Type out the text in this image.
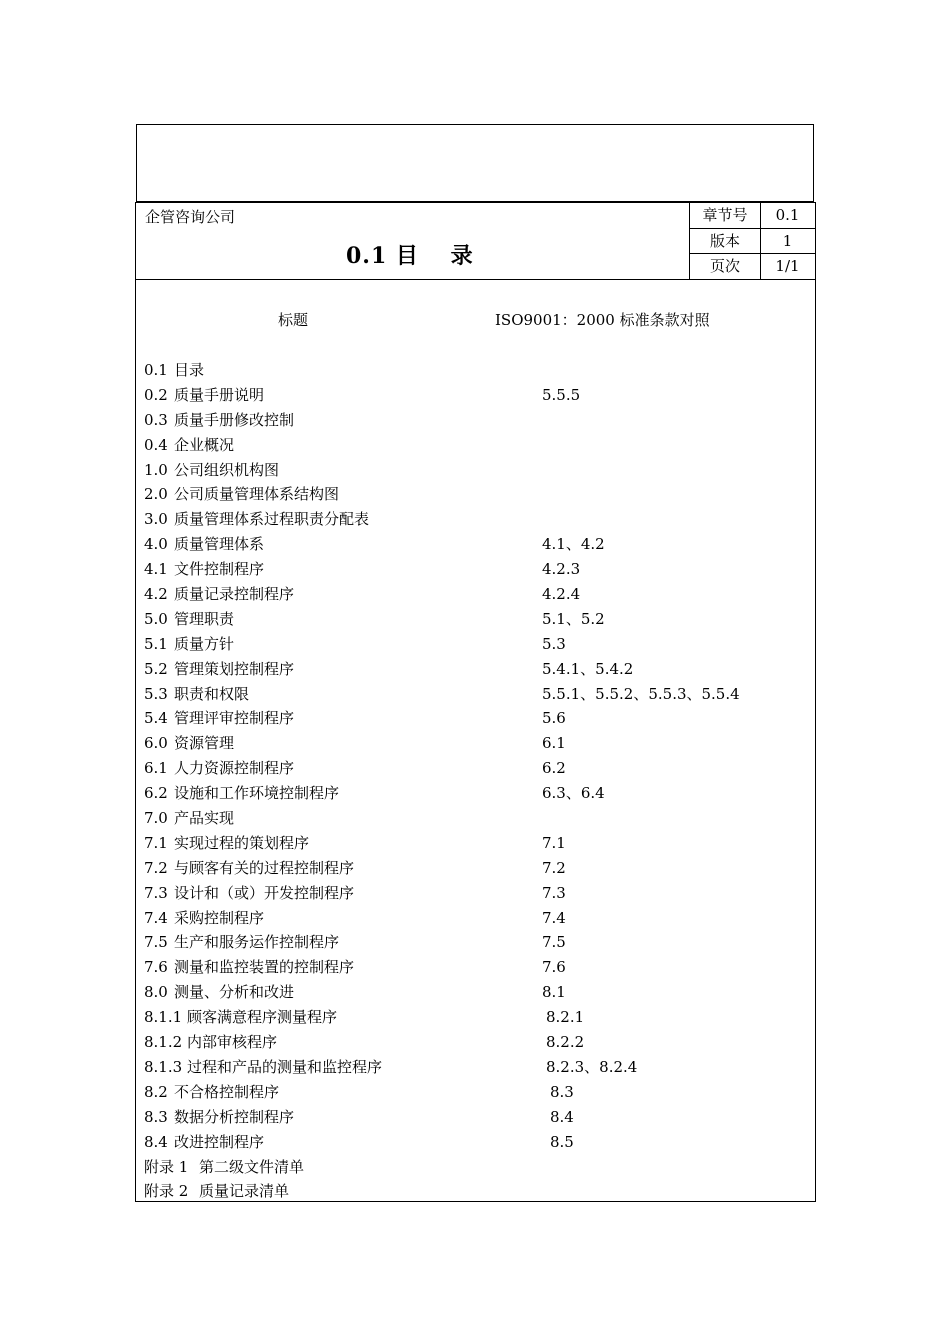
企管咨询公司
0.1 目　 录
章节号	0.1
版本	1
页次	1/1
标题	ISO9001：2000 标准条款对照
0.1 目录
0.2 质量手册说明	5.5.5
0.3 质量手册修改控制
0.4 企业概况
1.0 公司组织机构图
2.0 公司质量管理体系结构图
3.0 质量管理体系过程职责分配表
4.0 质量管理体系	4.1、4.2
4.1 文件控制程序	4.2.3
4.2 质量记录控制程序	4.2.4
5.0 管理职责	5.1、5.2
5.1 质量方针	5.3
5.2 管理策划控制程序	5.4.1、5.4.2
5.3 职责和权限	5.5.1、5.5.2、5.5.3、5.5.4
5.4 管理评审控制程序	5.6
6.0 资源管理	6.1
6.1 人力资源控制程序	6.2
6.2 设施和工作环境控制程序	6.3、6.4
7.0 产品实现
7.1 实现过程的策划程序	7.1
7.2 与顾客有关的过程控制程序	7.2
7.3 设计和（或）开发控制程序	7.3
7.4 采购控制程序	7.4
7.5 生产和服务运作控制程序	7.5
7.6 测量和监控装置的控制程序	7.6
8.0 测量、分析和改进	8.1
8.1.1 顾客满意程序测量程序	8.2.1
8.1.2 内部审核程序	8.2.2
8.1.3 过程和产品的测量和监控程序	8.2.3、8.2.4
8.2 不合格控制程序	8.3
8.3 数据分析控制程序	8.4
8.4 改进控制程序	8.5
附录 1 第二级文件清单
附录 2 质量记录清单
